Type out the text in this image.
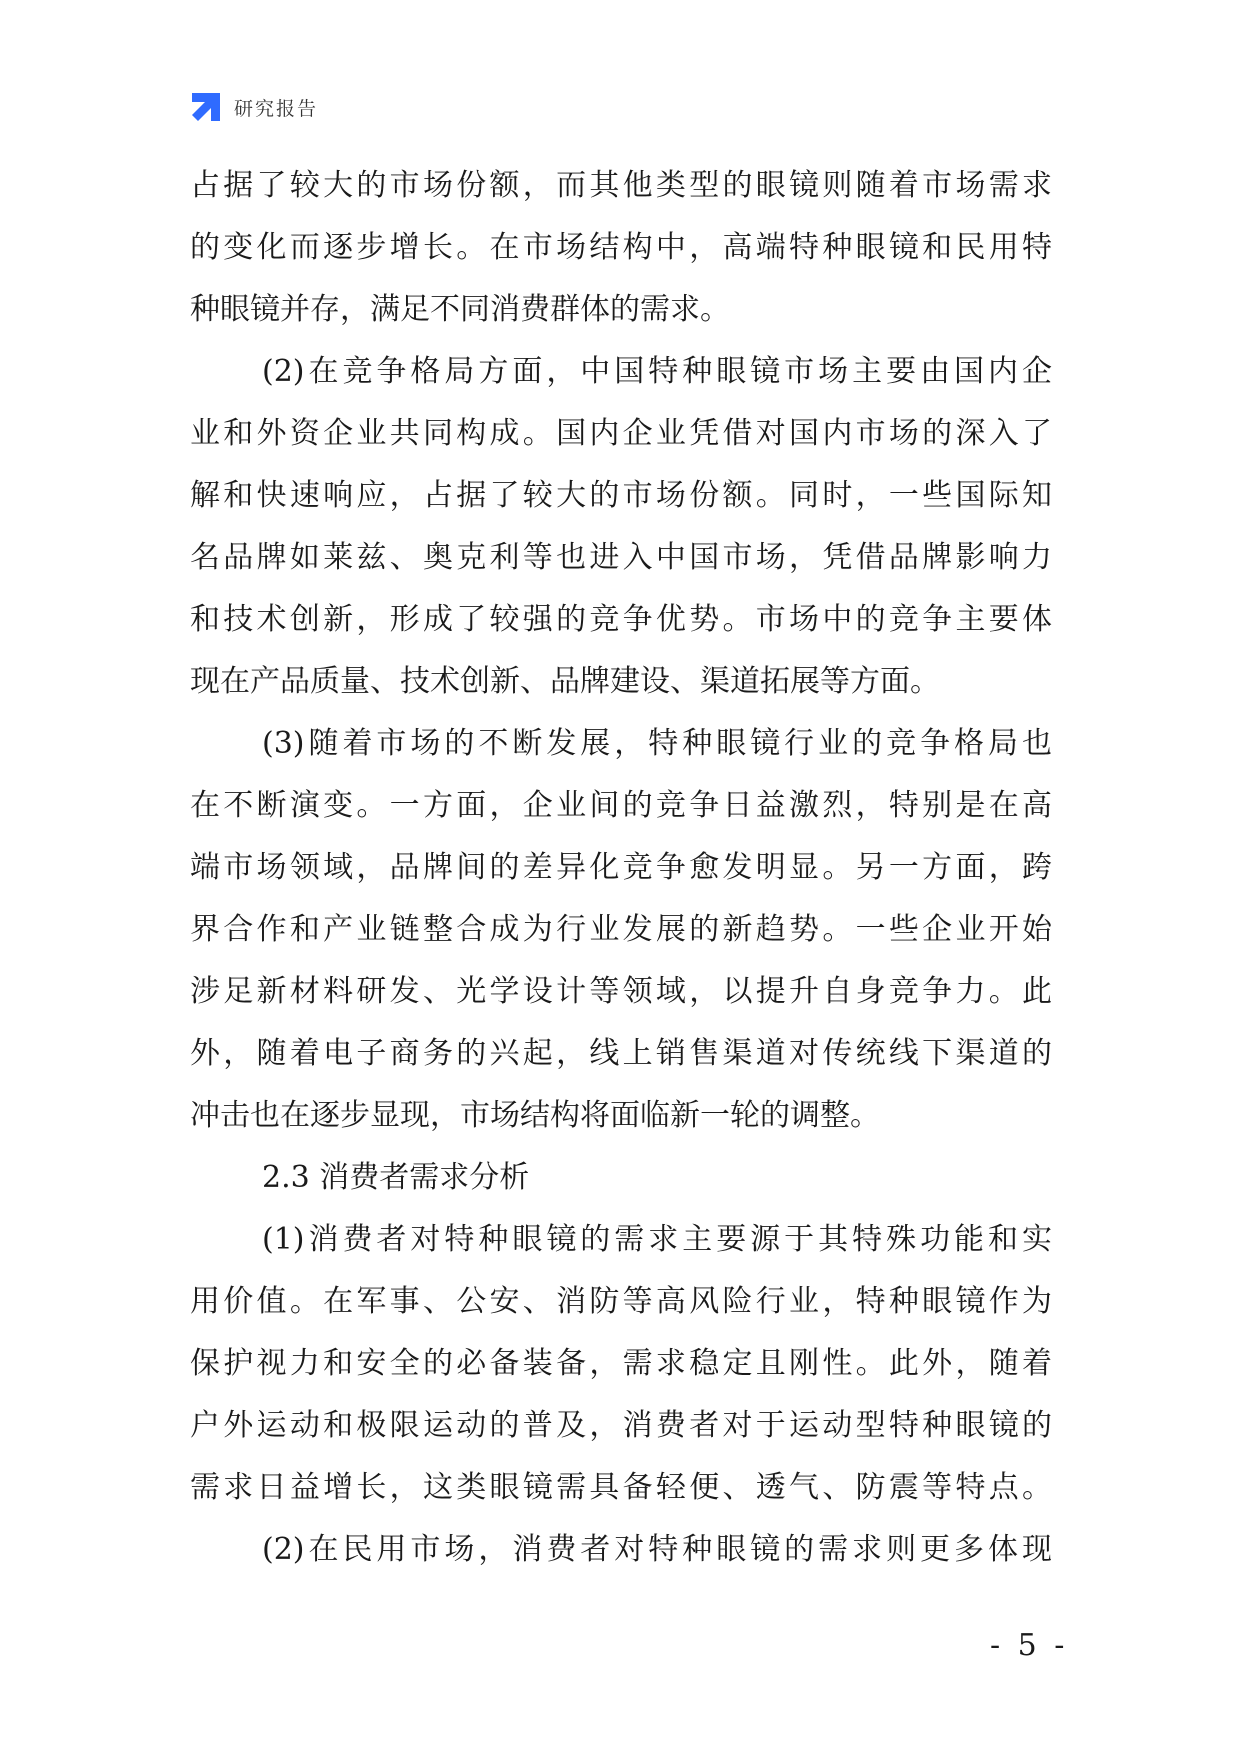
研究报告
占据了较大的市场份额，而其他类型的眼镜则随着市场需求
的变化而逐步增长。在市场结构中，高端特种眼镜和民用特
种眼镜并存，满足不同消费群体的需求。
(2)在竞争格局方面，中国特种眼镜市场主要由国内企
业和外资企业共同构成。国内企业凭借对国内市场的深入了
解和快速响应，占据了较大的市场份额。同时，一些国际知
名品牌如莱兹、奥克利等也进入中国市场，凭借品牌影响力
和技术创新，形成了较强的竞争优势。市场中的竞争主要体
现在产品质量、技术创新、品牌建设、渠道拓展等方面。
(3)随着市场的不断发展，特种眼镜行业的竞争格局也
在不断演变。一方面，企业间的竞争日益激烈，特别是在高
端市场领域，品牌间的差异化竞争愈发明显。另一方面，跨
界合作和产业链整合成为行业发展的新趋势。一些企业开始
涉足新材料研发、光学设计等领域，以提升自身竞争力。此
外，随着电子商务的兴起，线上销售渠道对传统线下渠道的
冲击也在逐步显现，市场结构将面临新一轮的调整。
2.3 消费者需求分析
(1)消费者对特种眼镜的需求主要源于其特殊功能和实
用价值。在军事、公安、消防等高风险行业，特种眼镜作为
保护视力和安全的必备装备，需求稳定且刚性。此外，随着
户外运动和极限运动的普及，消费者对于运动型特种眼镜的
需求日益增长，这类眼镜需具备轻便、透气、防震等特点。
(2)在民用市场，消费者对特种眼镜的需求则更多体现
- 5 -
